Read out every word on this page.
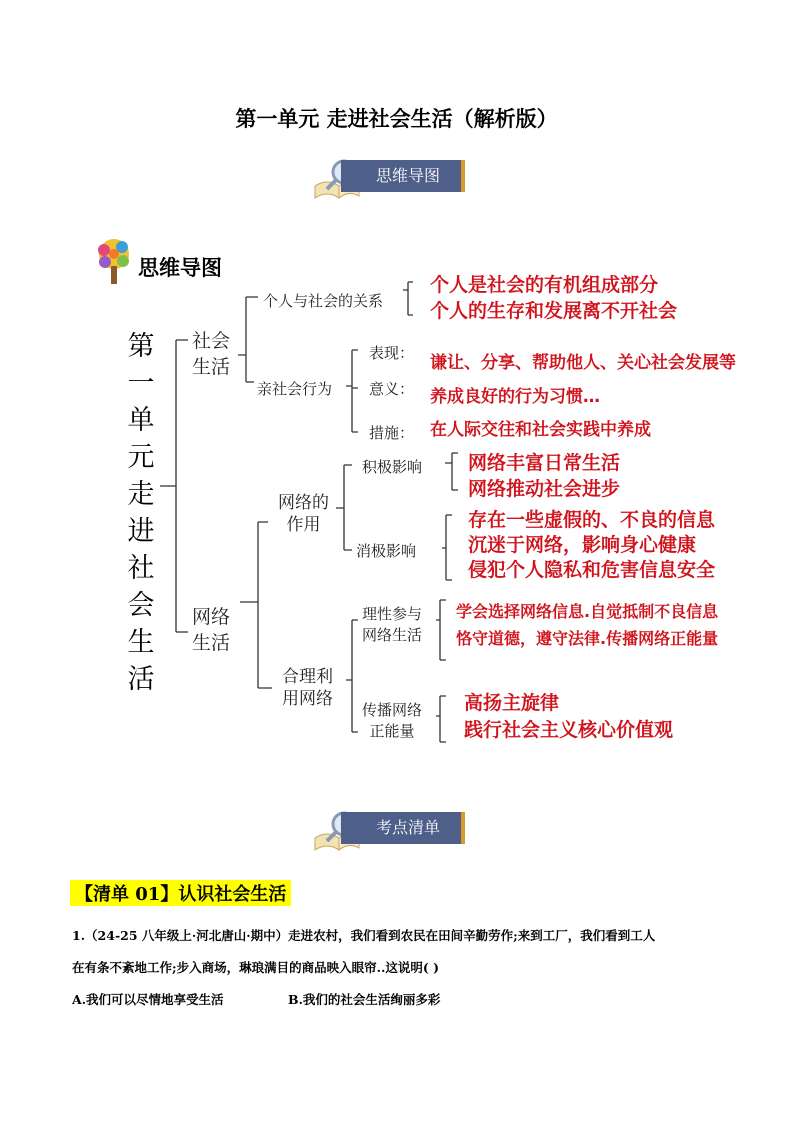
第一单元 走进社会生活（解析版）
思维导图
思维导图
第一单元走进社会生活
社会
生活
个人与社会的关系
个人是社会的有机组成部分
个人的生存和发展离不开社会
亲社会行为
表现： 谦让、分享、帮助他人、关心社会发展等
意义： 养成良好的行为习惯…
措施： 在人际交往和社会实践中养成
网络
生活
网络的
作用
积极影响 网络丰富日常生活
网络推动社会进步
消极影响
存在一些虚假的、不良的信息
沉迷于网络，影响身心健康
侵犯个人隐私和危害信息安全
合理利
用网络
理性参与
网络生活
学会选择网络信息.自觉抵制不良信息
恪守道德，遵守法律.传播网络正能量
传播网络
正能量
高扬主旋律
践行社会主义核心价值观
考点清单
【清单 01】认识社会生活
1.（24-25 八年级上·河北唐山·期中）走进农村，我们看到农民在田间辛勤劳作;来到工厂，我们看到工人
在有条不紊地工作;步入商场，琳琅满目的商品映入眼帘..这说明( )
A.我们可以尽情地享受生活	B.我们的社会生活绚丽多彩
